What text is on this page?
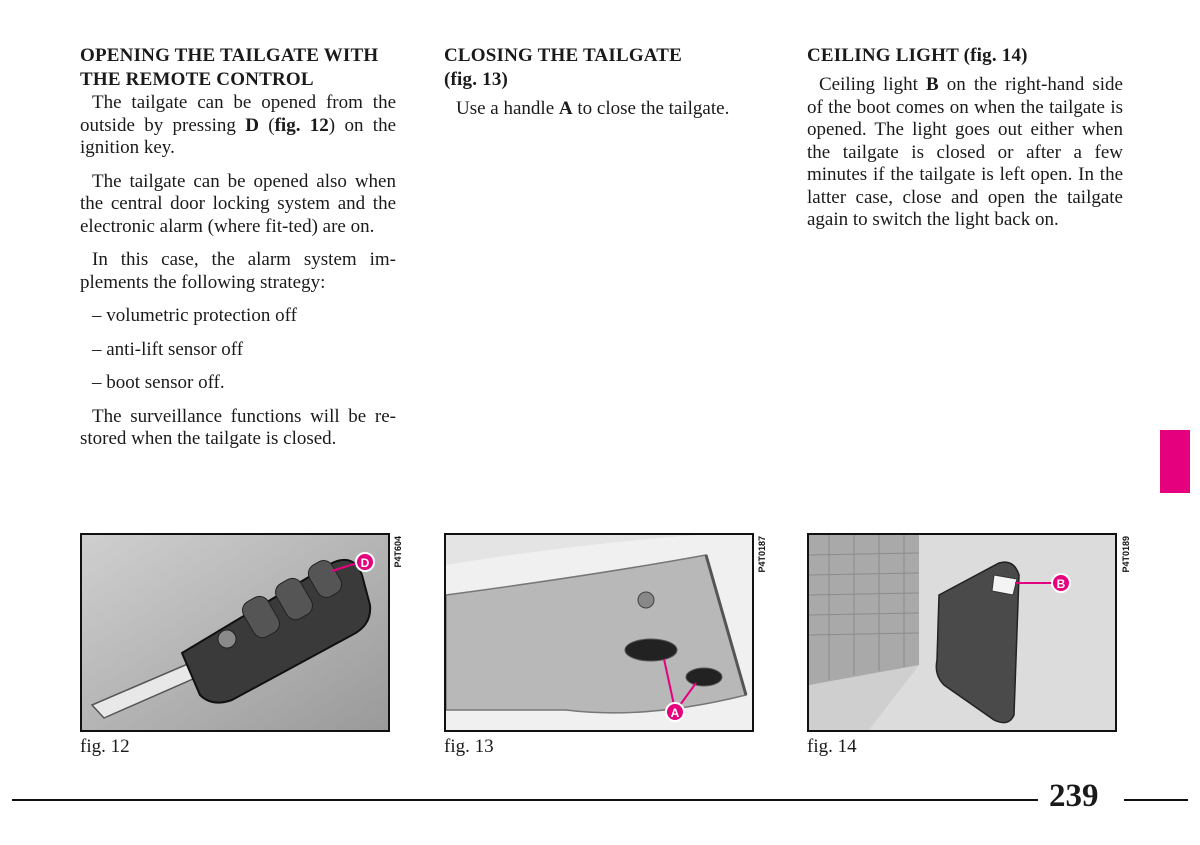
OPENING THE TAILGATE WITH
THE REMOTE CONTROL

The tailgate can be opened from the outside by pressing D (fig. 12) on the ignition key.

The tailgate can be opened also when the central door locking system and the electronic alarm (where fit-ted) are on.

In this case, the alarm system im-plements the following strategy:

– volumetric protection off

– anti-lift sensor off

– boot sensor off.

The surveillance functions will be re-stored when the tailgate is closed.

CLOSING THE TAILGATE
(fig. 13)

Use a handle A to close the tailgate.

CEILING LIGHT (fig. 14)

Ceiling light B on the right-hand side of the boot comes on when the tailgate is opened. The light goes out either when the tailgate is closed or after a few minutes if the tailgate is left open. In the latter case, close and open the tailgate again to switch the light back on.

D	P4T604
fig. 12
A
P4T0187
fig. 13
B
P4T0189
fig. 14
239
